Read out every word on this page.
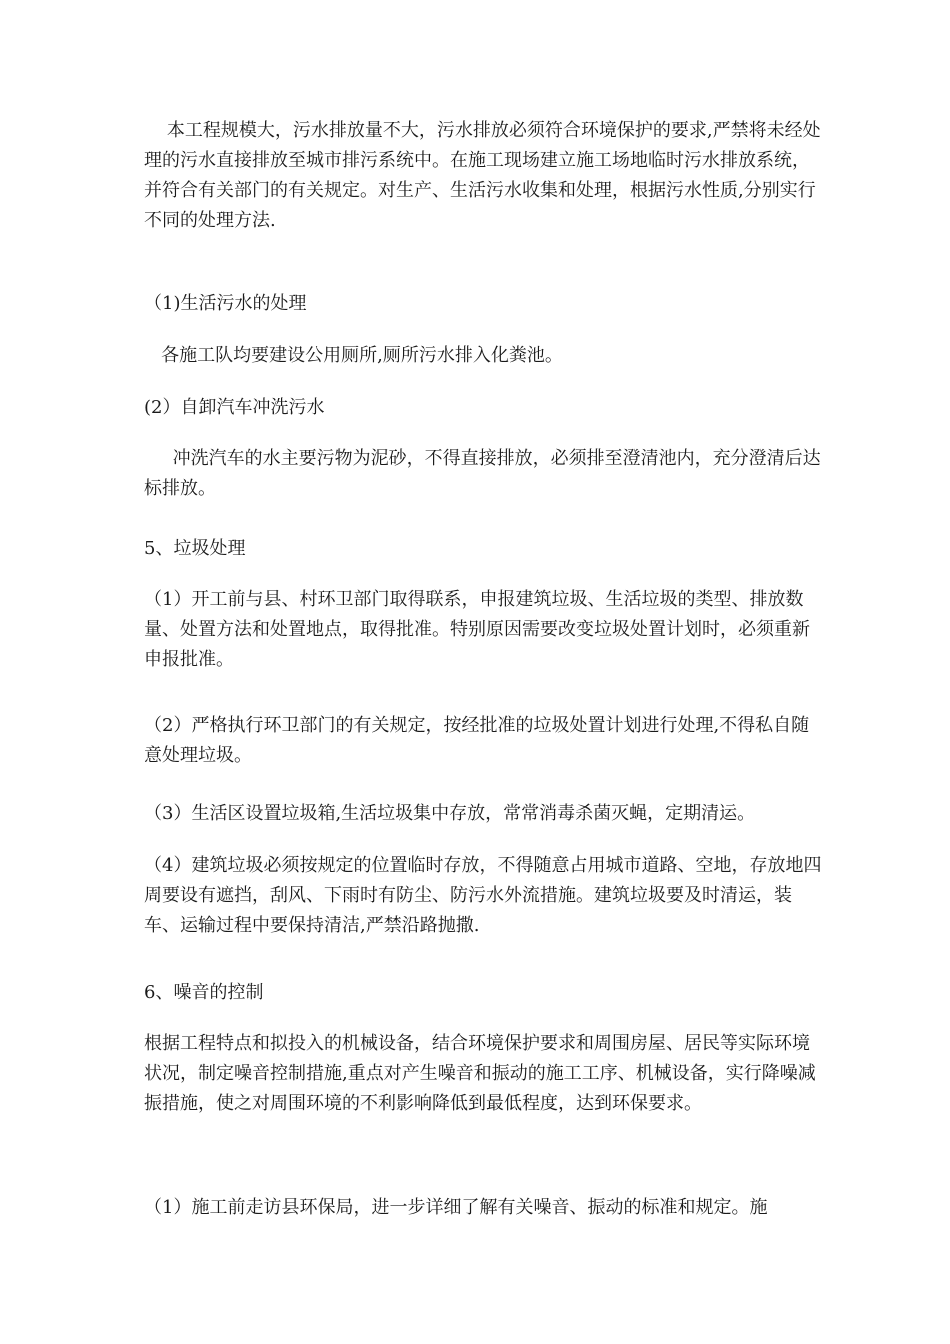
本工程规模大，污水排放量不大，污水排放必须符合环境保护的要求,严禁将未经处理的污水直接排放至城市排污系统中。在施工现场建立施工场地临时污水排放系统，并符合有关部门的有关规定。对生产、生活污水收集和处理，根据污水性质,分别实行不同的处理方法.

（1)生活污水的处理

各施工队均要建设公用厕所,厕所污水排入化粪池。

(2）自卸汽车冲洗污水

冲洗汽车的水主要污物为泥砂，不得直接排放，必须排至澄清池内，充分澄清后达标排放。

5、垃圾处理

（1）开工前与县、村环卫部门取得联系，申报建筑垃圾、生活垃圾的类型、排放数量、处置方法和处置地点，取得批准。特别原因需要改变垃圾处置计划时，必须重新申报批准。

（2）严格执行环卫部门的有关规定，按经批准的垃圾处置计划进行处理,不得私自随意处理垃圾。

（3）生活区设置垃圾箱,生活垃圾集中存放，常常消毒杀菌灭蝇，定期清运。

（4）建筑垃圾必须按规定的位置临时存放，不得随意占用城市道路、空地，存放地四周要设有遮挡，刮风、下雨时有防尘、防污水外流措施。建筑垃圾要及时清运，装车、运输过程中要保持清洁,严禁沿路抛撒.

6、噪音的控制

根据工程特点和拟投入的机械设备，结合环境保护要求和周围房屋、居民等实际环境状况，制定噪音控制措施,重点对产生噪音和振动的施工工序、机械设备，实行降噪减振措施，使之对周围环境的不利影响降低到最低程度，达到环保要求。

（1）施工前走访县环保局，进一步详细了解有关噪音、振动的标准和规定。施
